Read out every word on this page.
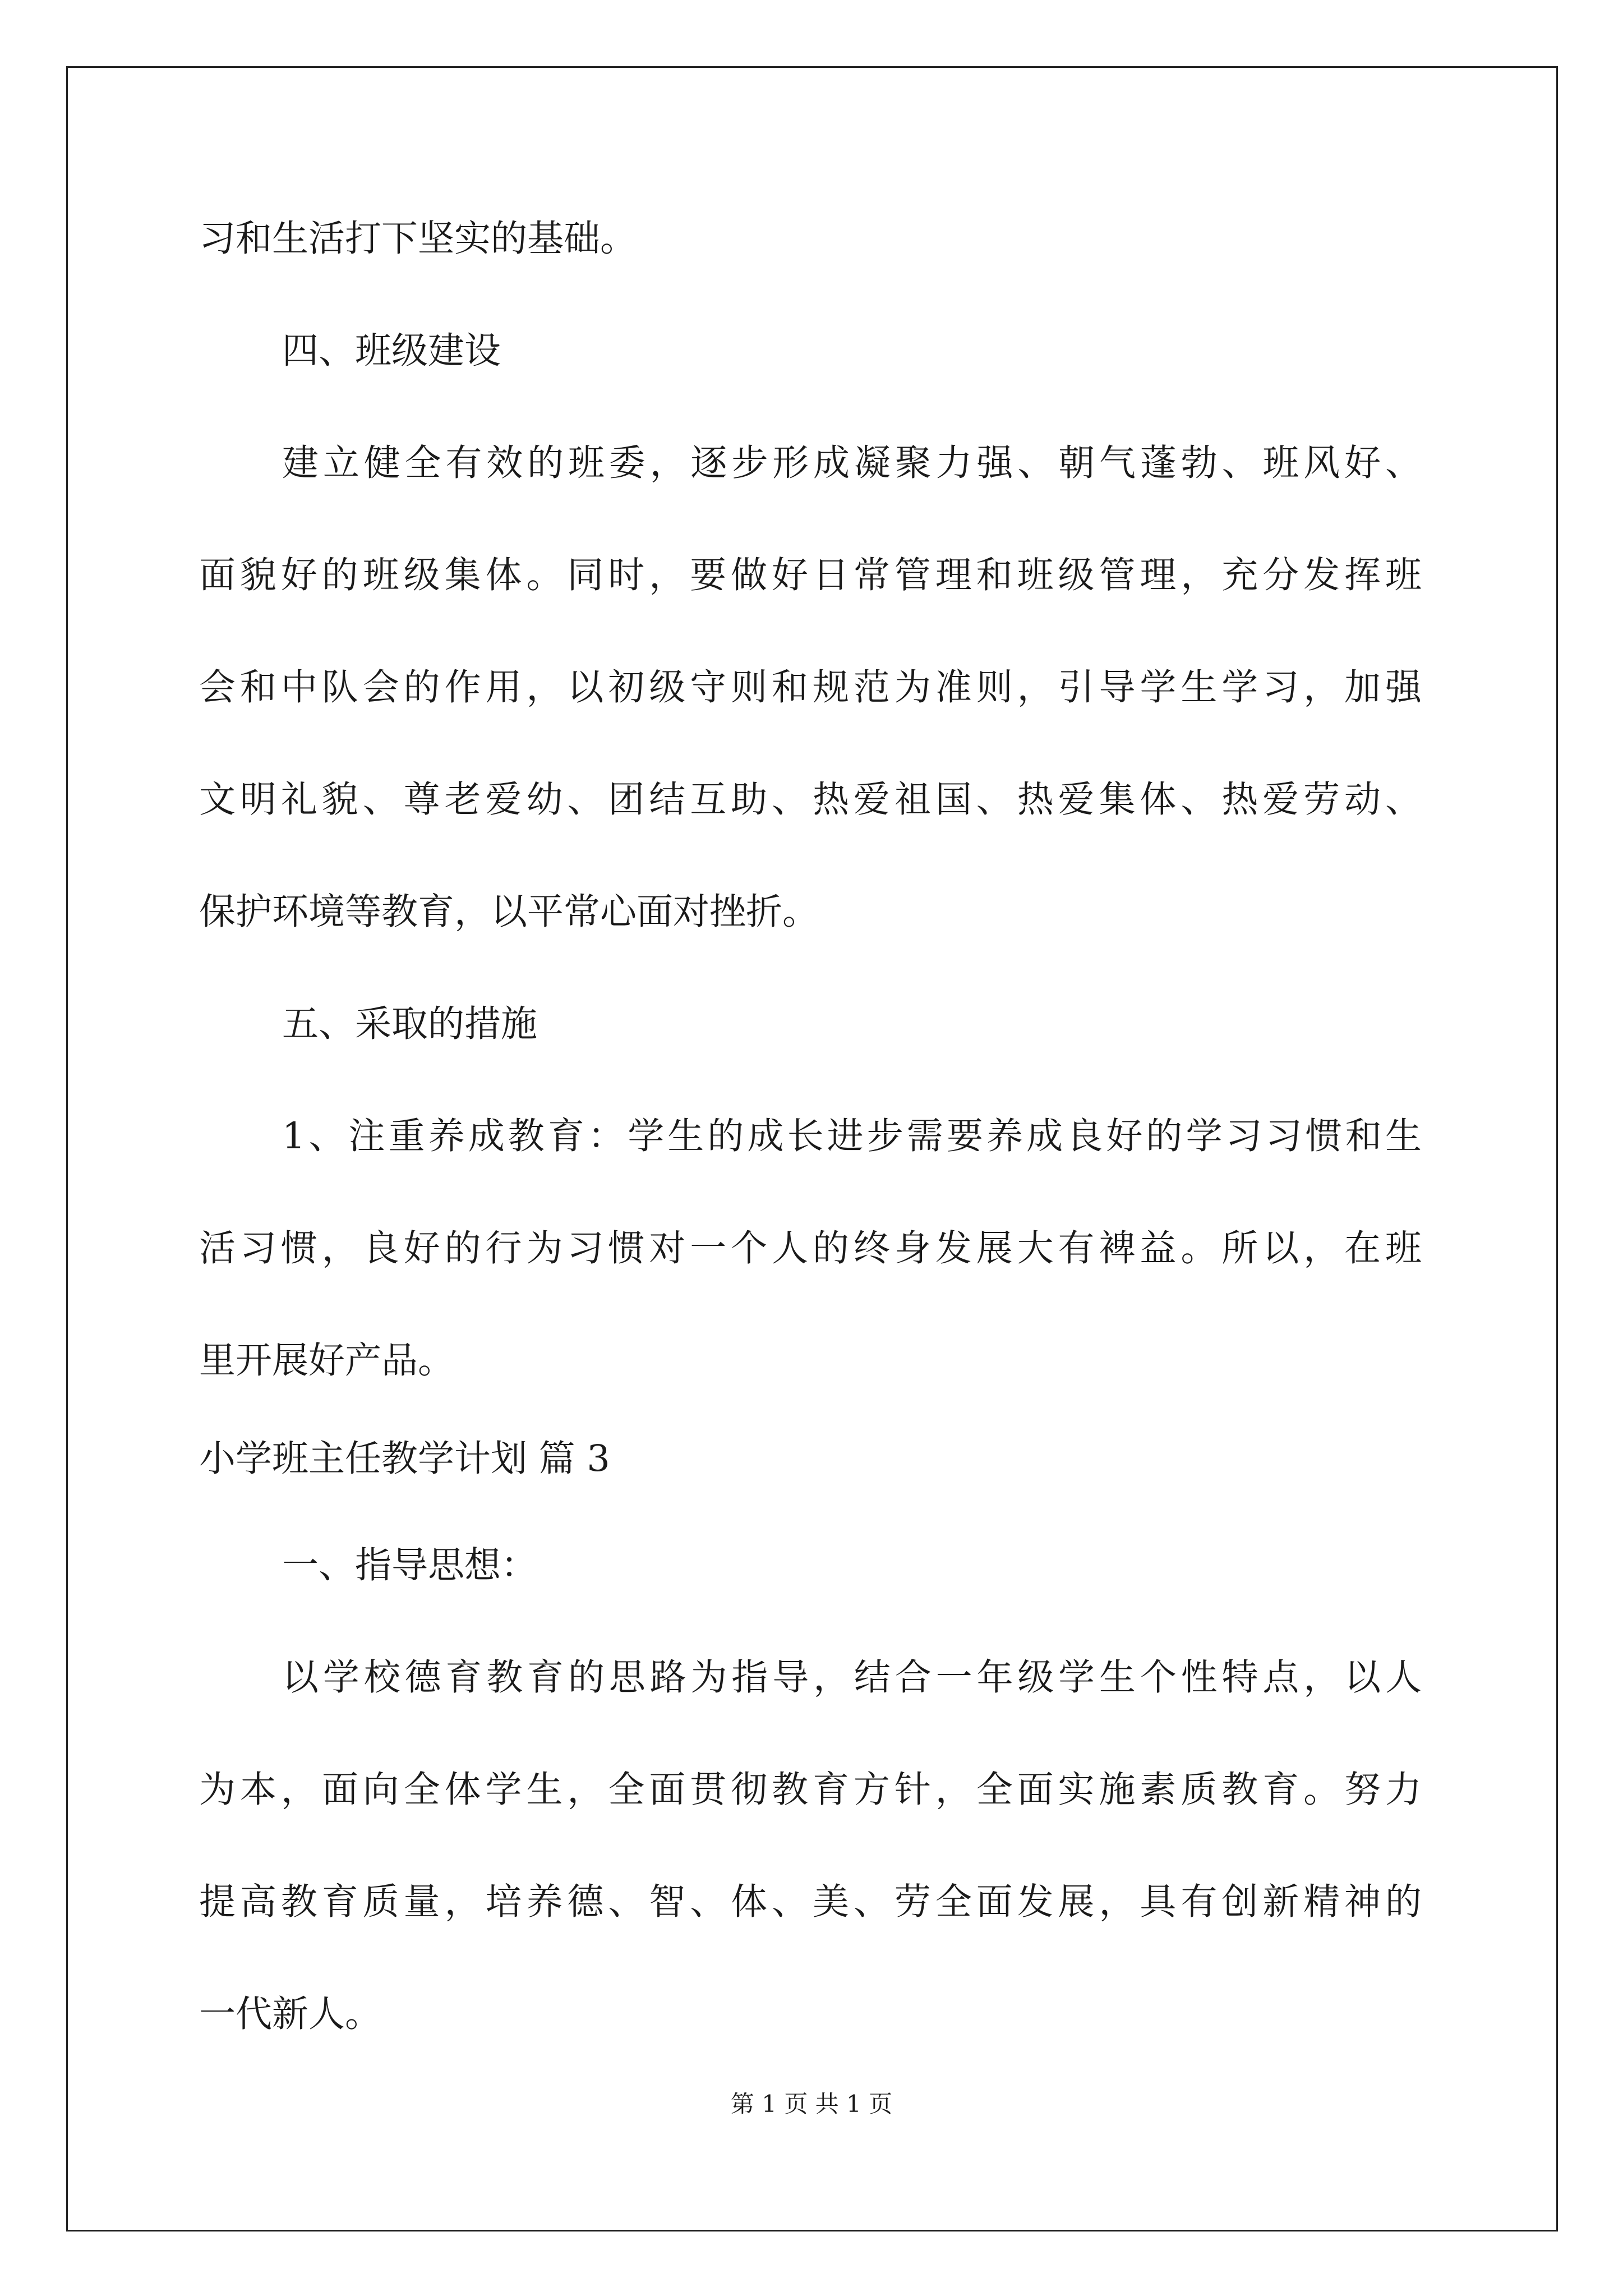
习和生活打下坚实的基础。
四、班级建设
建立健全有效的班委，逐步形成凝聚力强、朝气蓬勃、班风好、
面貌好的班级集体。同时，要做好日常管理和班级管理，充分发挥班
会和中队会的作用，以初级守则和规范为准则，引导学生学习，加强
文明礼貌、尊老爱幼、团结互助、热爱祖国、热爱集体、热爱劳动、
保护环境等教育，以平常心面对挫折。
五、采取的措施
1、注重养成教育：学生的成长进步需要养成良好的学习习惯和生
活习惯，良好的行为习惯对一个人的终身发展大有裨益。所以，在班
里开展好产品。
小学班主任教学计划 篇 3
一、指导思想：
以学校德育教育的思路为指导，结合一年级学生个性特点，以人
为本，面向全体学生，全面贯彻教育方针，全面实施素质教育。努力
提高教育质量，培养德、智、体、美、劳全面发展，具有创新精神的
一代新人。
第 1 页 共 1 页
